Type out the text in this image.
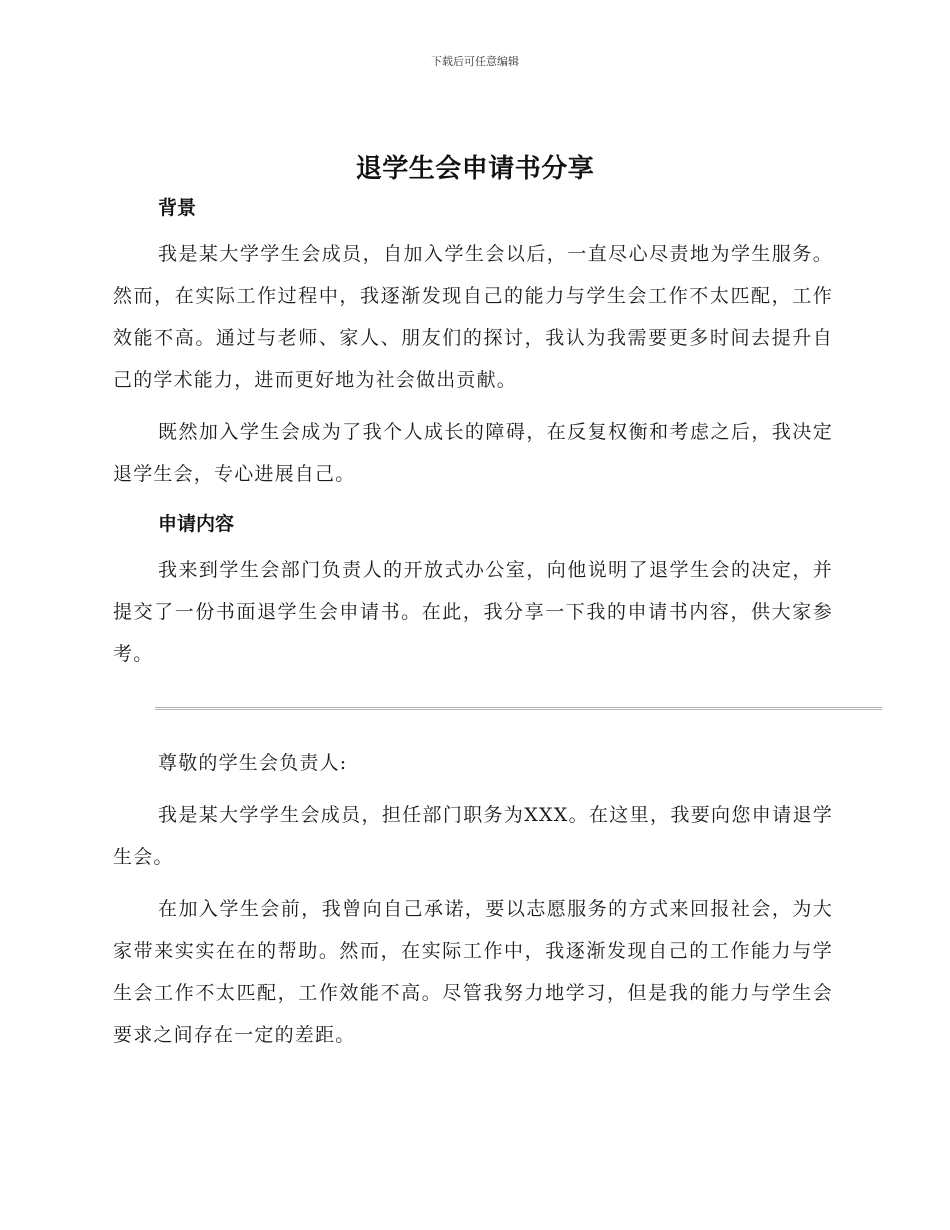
下载后可任意编辑
退学生会申请书分享
背景

我是某大学学生会成员，自加入学生会以后，一直尽心尽责地为学生服务。然而，在实际工作过程中，我逐渐发现自己的能力与学生会工作不太匹配，工作效能不高。通过与老师、家人、朋友们的探讨，我认为我需要更多时间去提升自己的学术能力，进而更好地为社会做出贡献。

既然加入学生会成为了我个人成长的障碍，在反复权衡和考虑之后，我决定退学生会，专心进展自己。

申请内容

我来到学生会部门负责人的开放式办公室，向他说明了退学生会的决定，并提交了一份书面退学生会申请书。在此，我分享一下我的申请书内容，供大家参考。

尊敬的学生会负责人:

我是某大学学生会成员，担任部门职务为XXX。在这里，我要向您申请退学生会。

在加入学生会前，我曾向自己承诺，要以志愿服务的方式来回报社会，为大家带来实实在在的帮助。然而，在实际工作中，我逐渐发现自己的工作能力与学生会工作不太匹配，工作效能不高。尽管我努力地学习，但是我的能力与学生会要求之间存在一定的差距。
